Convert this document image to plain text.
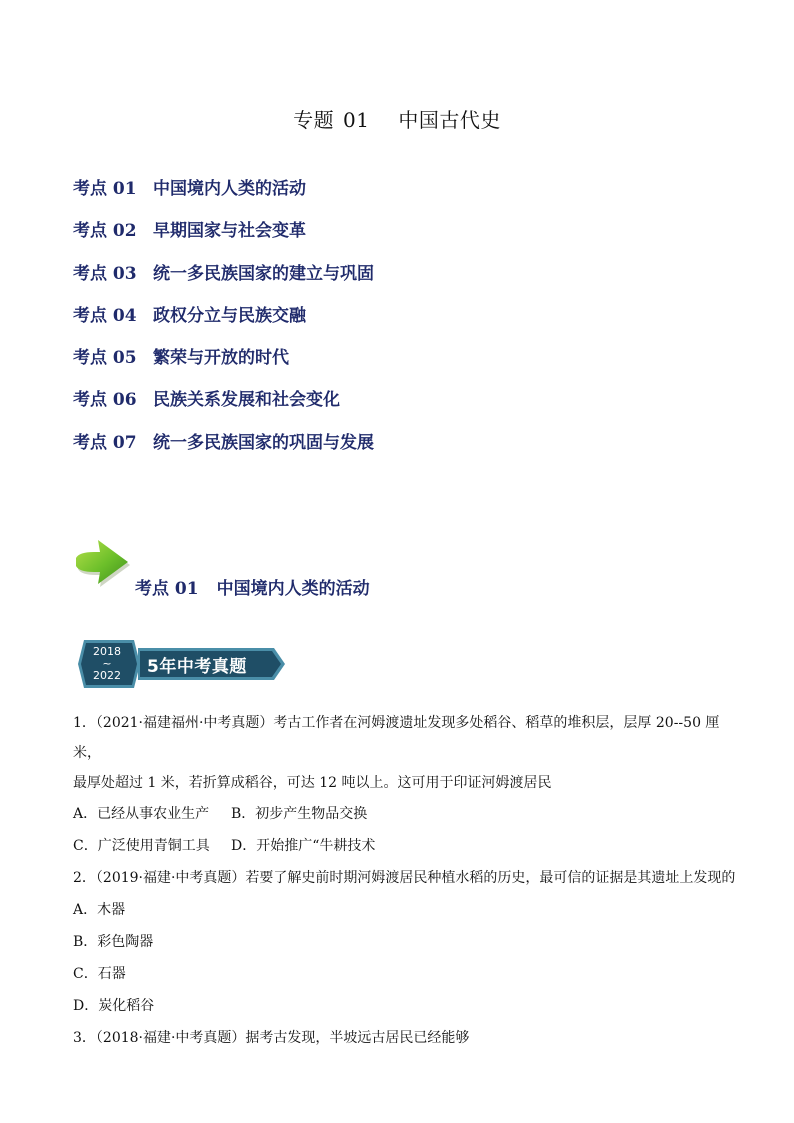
专题 01 中国古代史
考点 01 中国境内人类的活动
考点 02 早期国家与社会变革
考点 03 统一多民族国家的建立与巩固
考点 04 政权分立与民族交融
考点 05 繁荣与开放的时代
考点 06 民族关系发展和社会变化
考点 07 统一多民族国家的巩固与发展
考点 01 中国境内人类的活动
2018
~
2022 5年中考真题
1．（2021·福建福州·中考真题）考古工作者在河姆渡遗址发现多处稻谷、稻草的堆积层，层厚 20--50 厘米，
最厚处超过 1 米，若折算成稻谷，可达 12 吨以上。这可用于印证河姆渡居民
A．已经从事农业生产 B．初步产生物品交换
C．广泛使用青铜工具 D．开始推广“牛耕技术
2．（2019·福建·中考真题）若要了解史前时期河姆渡居民种植水稻的历史，最可信的证据是其遗址上发现的
A．木器
B．彩色陶器
C．石器
D．炭化稻谷
3．（2018·福建·中考真题）据考古发现，半坡远古居民已经能够
